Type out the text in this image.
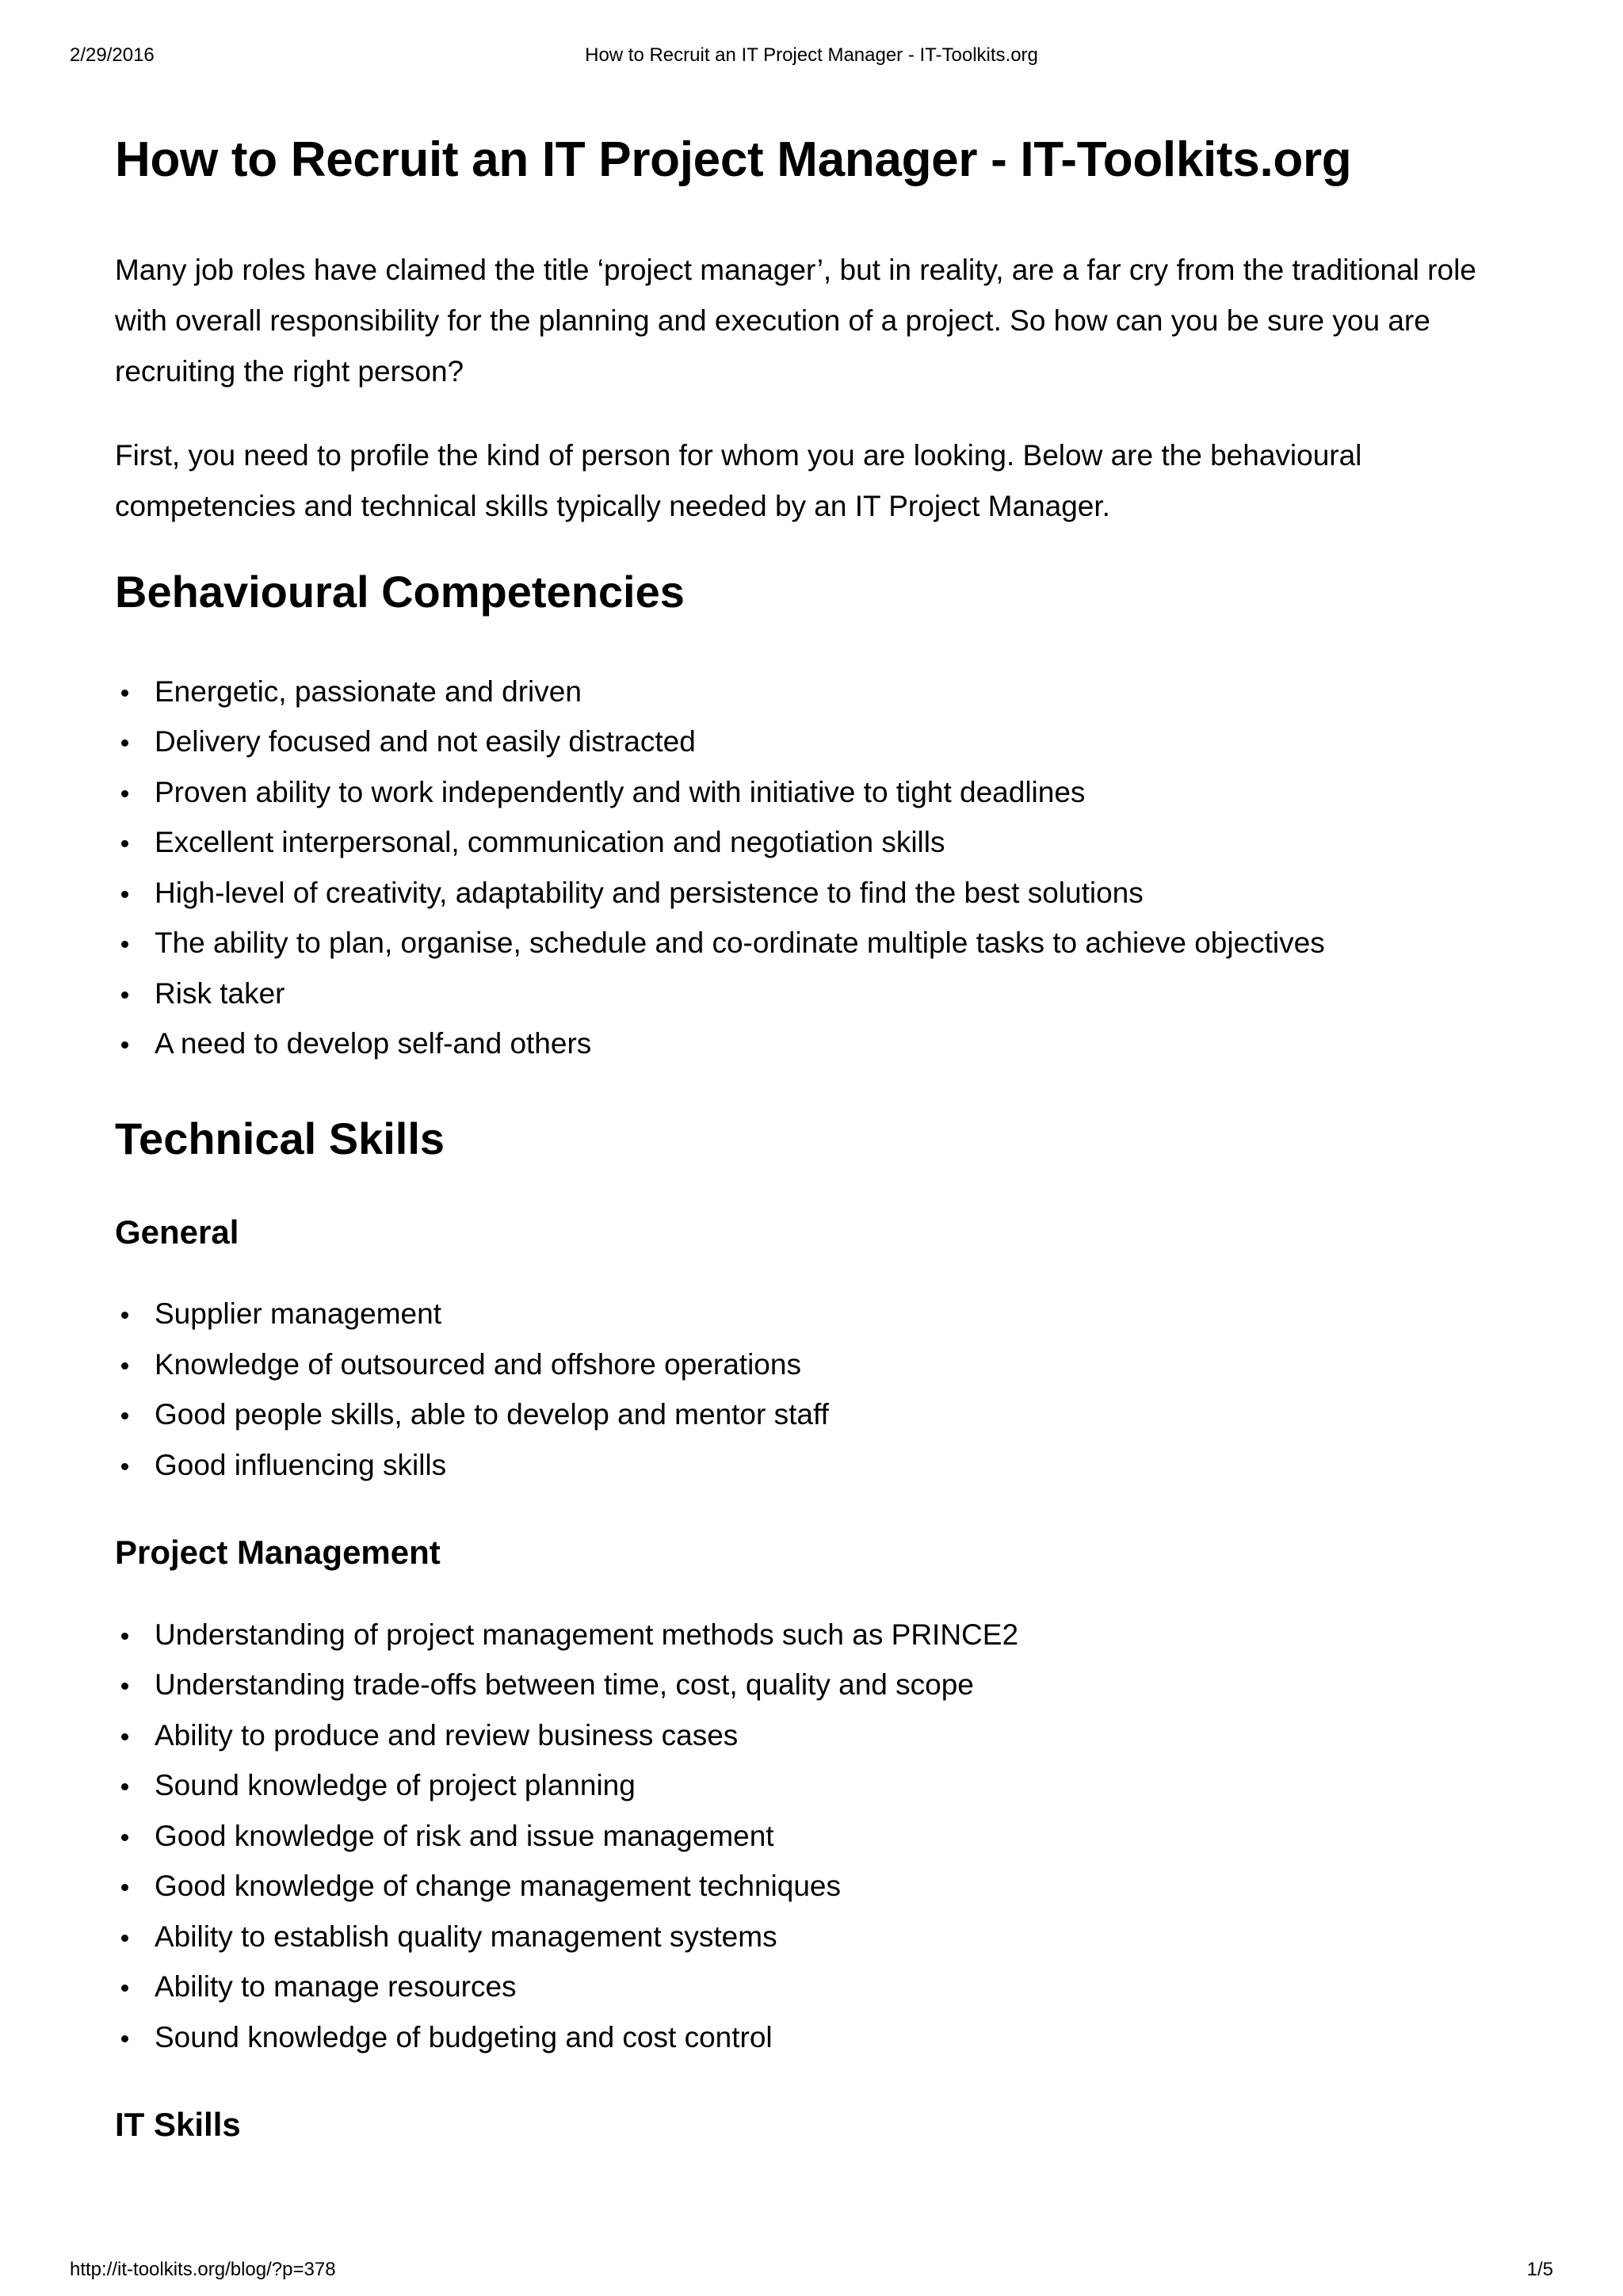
2/29/2016	How to Recruit an IT Project Manager - IT-Toolkits.org
How to Recruit an IT Project Manager - IT-Toolkits.org

Many job roles have claimed the title ‘project manager’, but in reality, are a far cry from the traditional role with overall responsibility for the planning and execution of a project. So how can you be sure you are recruiting the right person?

First, you need to profile the kind of person for whom you are looking. Below are the behavioural competencies and technical skills typically needed by an IT Project Manager.

Behavioural Competencies
Energetic, passionate and driven
Delivery focused and not easily distracted
Proven ability to work independently and with initiative to tight deadlines
Excellent interpersonal, communication and negotiation skills
High-level of creativity, adaptability and persistence to find the best solutions
The ability to plan, organise, schedule and co-ordinate multiple tasks to achieve objectives
Risk taker
A need to develop self-and others
Technical Skills
General
Supplier management
Knowledge of outsourced and offshore operations
Good people skills, able to develop and mentor staff
Good influencing skills
Project Management
Understanding of project management methods such as PRINCE2
Understanding trade-offs between time, cost, quality and scope
Ability to produce and review business cases
Sound knowledge of project planning
Good knowledge of risk and issue management
Good knowledge of change management techniques
Ability to establish quality management systems
Ability to manage resources
Sound knowledge of budgeting and cost control
IT Skills
http://it-toolkits.org/blog/?p=378	1/5
